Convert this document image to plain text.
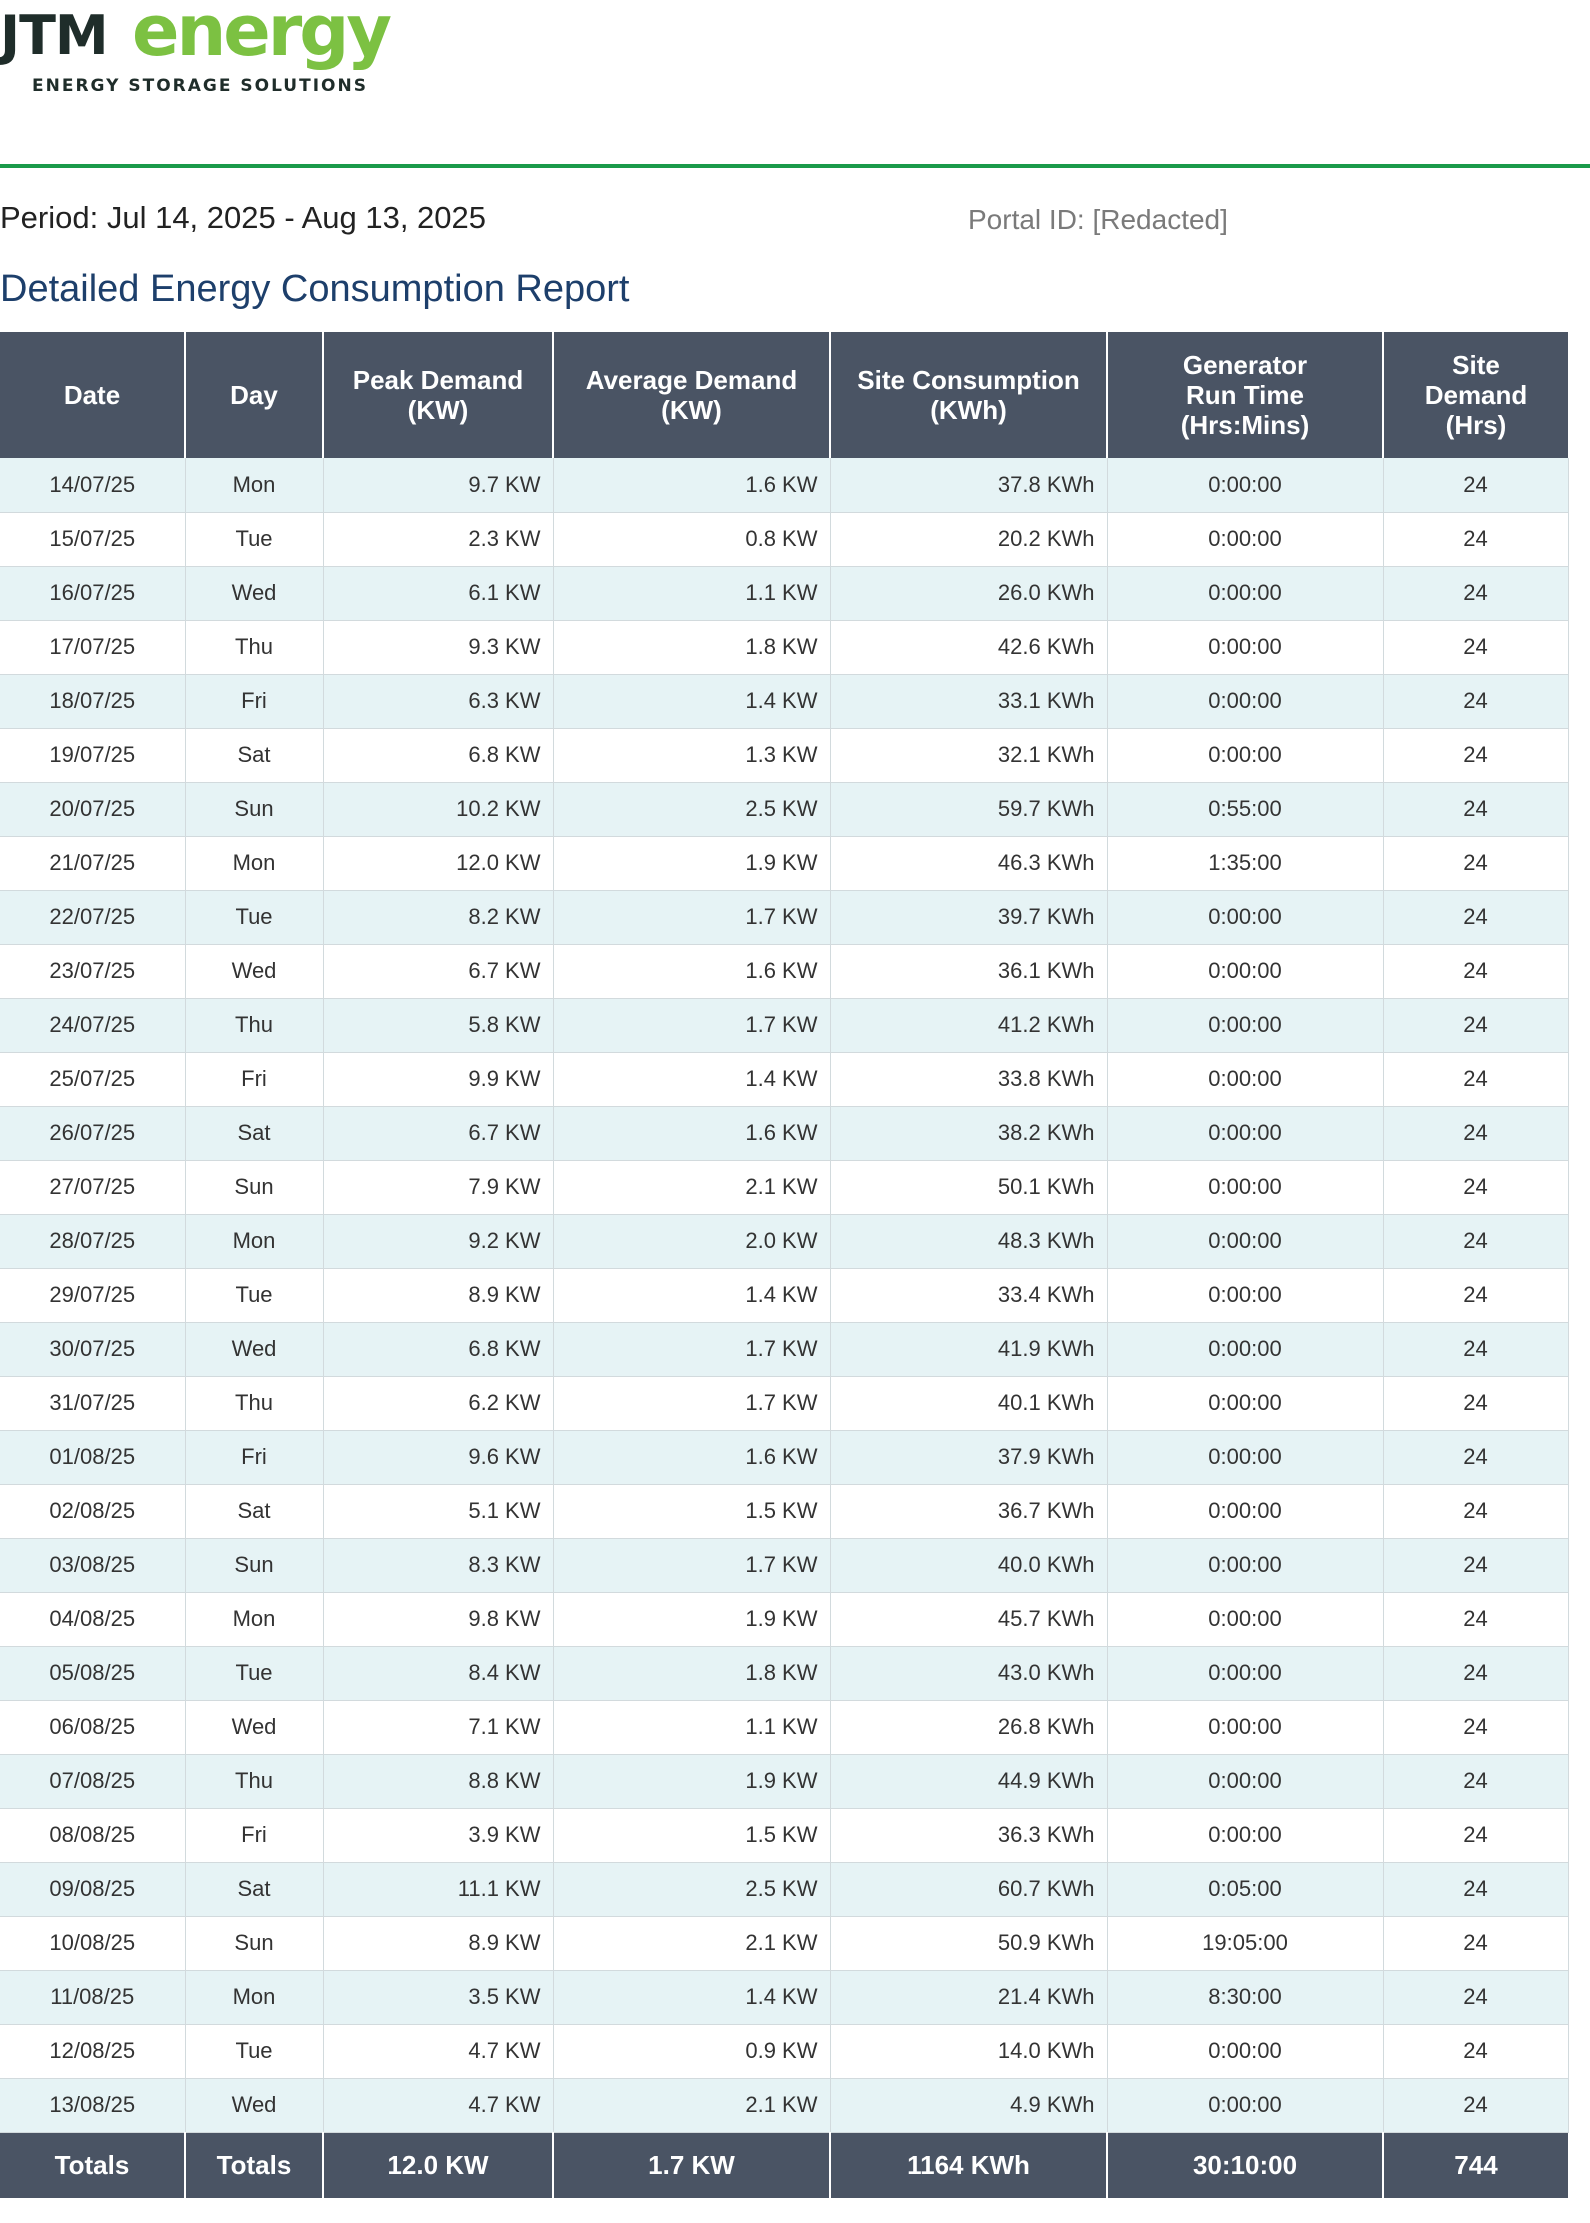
JTM energy
ENERGY STORAGE SOLUTIONS
Period: Jul 14, 2025 - Aug 13, 2025	Portal ID: [Redacted]
Detailed Energy Consumption Report
Date	Day	Peak Demand
(KW)	Average Demand
(KW)	Site Consumption
(KWh)	Generator
Run Time
(Hrs:Mins)	Site
Demand
(Hrs)
14/07/25	Mon	9.7 KW	1.6 KW	37.8 KWh	0:00:00	24
15/07/25	Tue	2.3 KW	0.8 KW	20.2 KWh	0:00:00	24
16/07/25	Wed	6.1 KW	1.1 KW	26.0 KWh	0:00:00	24
17/07/25	Thu	9.3 KW	1.8 KW	42.6 KWh	0:00:00	24
18/07/25	Fri	6.3 KW	1.4 KW	33.1 KWh	0:00:00	24
19/07/25	Sat	6.8 KW	1.3 KW	32.1 KWh	0:00:00	24
20/07/25	Sun	10.2 KW	2.5 KW	59.7 KWh	0:55:00	24
21/07/25	Mon	12.0 KW	1.9 KW	46.3 KWh	1:35:00	24
22/07/25	Tue	8.2 KW	1.7 KW	39.7 KWh	0:00:00	24
23/07/25	Wed	6.7 KW	1.6 KW	36.1 KWh	0:00:00	24
24/07/25	Thu	5.8 KW	1.7 KW	41.2 KWh	0:00:00	24
25/07/25	Fri	9.9 KW	1.4 KW	33.8 KWh	0:00:00	24
26/07/25	Sat	6.7 KW	1.6 KW	38.2 KWh	0:00:00	24
27/07/25	Sun	7.9 KW	2.1 KW	50.1 KWh	0:00:00	24
28/07/25	Mon	9.2 KW	2.0 KW	48.3 KWh	0:00:00	24
29/07/25	Tue	8.9 KW	1.4 KW	33.4 KWh	0:00:00	24
30/07/25	Wed	6.8 KW	1.7 KW	41.9 KWh	0:00:00	24
31/07/25	Thu	6.2 KW	1.7 KW	40.1 KWh	0:00:00	24
01/08/25	Fri	9.6 KW	1.6 KW	37.9 KWh	0:00:00	24
02/08/25	Sat	5.1 KW	1.5 KW	36.7 KWh	0:00:00	24
03/08/25	Sun	8.3 KW	1.7 KW	40.0 KWh	0:00:00	24
04/08/25	Mon	9.8 KW	1.9 KW	45.7 KWh	0:00:00	24
05/08/25	Tue	8.4 KW	1.8 KW	43.0 KWh	0:00:00	24
06/08/25	Wed	7.1 KW	1.1 KW	26.8 KWh	0:00:00	24
07/08/25	Thu	8.8 KW	1.9 KW	44.9 KWh	0:00:00	24
08/08/25	Fri	3.9 KW	1.5 KW	36.3 KWh	0:00:00	24
09/08/25	Sat	11.1 KW	2.5 KW	60.7 KWh	0:05:00	24
10/08/25	Sun	8.9 KW	2.1 KW	50.9 KWh	19:05:00	24
11/08/25	Mon	3.5 KW	1.4 KW	21.4 KWh	8:30:00	24
12/08/25	Tue	4.7 KW	0.9 KW	14.0 KWh	0:00:00	24
13/08/25	Wed	4.7 KW	2.1 KW	4.9 KWh	0:00:00	24
Totals	Totals	12.0 KW	1.7 KW	1164 KWh	30:10:00	744
